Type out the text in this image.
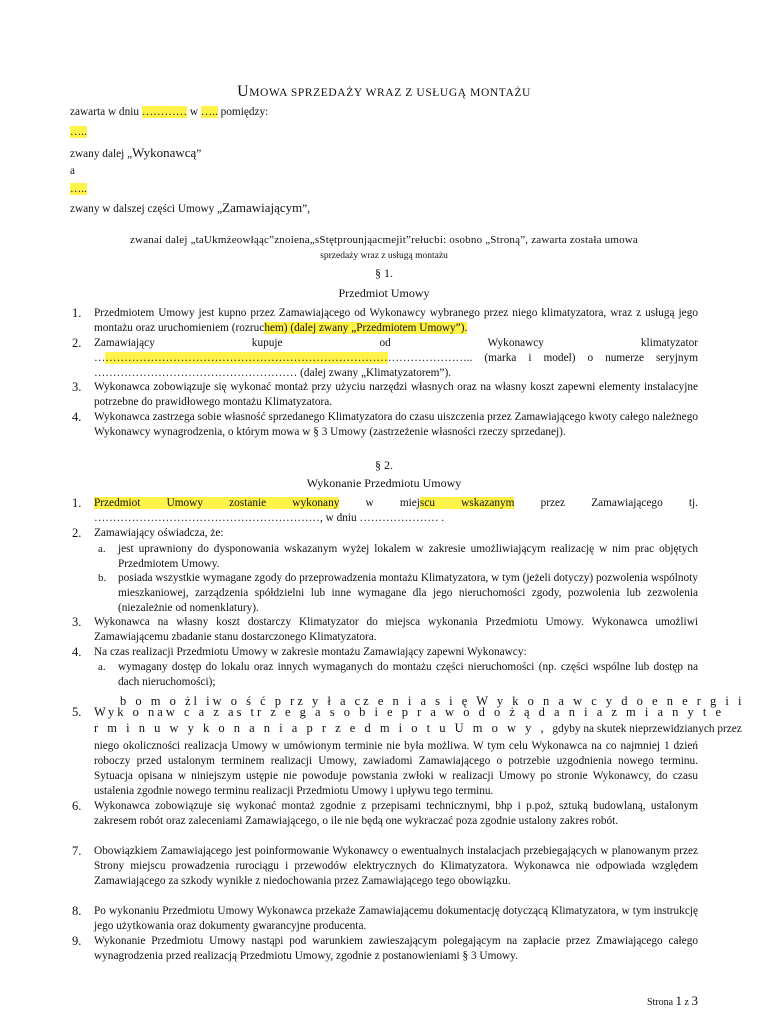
UMOWA SPRZEDAŻY WRAZ Z USŁUGĄ MONTAŻU
zawarta w dniu ………… w ….. pomiędzy:
…..
zwany dalej „Wykonawcą”
a
…..
zwany w dalszej części Umowy „Zamawiającym”,
zwanai dalej „taUkmżeowłąąc”znoiena„sStętprounjąacmejit”rełucbi: osobno „Stroną”, zawarta została umowa
sprzedaży wraz z usługą montażu
§ 1.
Przedmiot Umowy
1. Przedmiotem Umowy jest kupno przez Zamawiającego od Wykonawcy wybranego przez niego klimatyzatora, wraz z usługą jego montażu oraz uruchomieniem (rozruchem) (dalej zwany „Przedmiotem Umowy”).
2. Zamawiający kupuje od Wykonawcy klimatyzator ……………………………………………………………………………………….. (marka i model) o numerze seryjnym ……………………………………………… (dalej zwany „Klimatyzatorem”).
3. Wykonawca zobowiązuje się wykonać montaż przy użyciu narzędzi własnych oraz na własny koszt zapewni elementy instalacyjne potrzebne do prawidłowego montażu Klimatyzatora.
4. Wykonawca zastrzega sobie własność sprzedanego Klimatyzatora do czasu uiszczenia przez Zamawiającego kwoty całego należnego Wykonawcy wynagrodzenia, o którym mowa w § 3 Umowy (zastrzeżenie własności rzeczy sprzedanej).
§ 2.
Wykonanie Przedmiotu Umowy
1. Przedmiot Umowy zostanie wykonany w miejscu wskazanym przez Zamawiającego tj. ……………………………………………………, w dniu ………………… .
2. Zamawiający oświadcza, że:
a. jest uprawniony do dysponowania wskazanym wyżej lokalem w zakresie umożliwiającym realizację w nim prac objętych Przedmiotem Umowy.
b. posiada wszystkie wymagane zgody do przeprowadzenia montażu Klimatyzatora, w tym (jeżeli dotyczy) pozwolenia wspólnoty mieszkaniowej, zarządzenia spółdzielni lub inne wymagane dla jego nieruchomości zgody, pozwolenia lub zezwolenia (niezależnie od nomenklatury).
3. Wykonawca na własny koszt dostarczy Klimatyzator do miejsca wykonania Przedmiotu Umowy. Wykonawca umożliwi Zamawiającemu zbadanie stanu dostarczonego Klimatyzatora.
4. Na czas realizacji Przedmiotu Umowy w zakresie montażu Zamawiający zapewni Wykonawcy:
a. wymagany dostęp do lokalu oraz innych wymaganych do montażu części nieruchomości (np. części wspólne lub dostęp na dach nieruchomości);
b o m o żl iw o ś ć p rz y ł a cz e n i a s i ę W y k o n a w c y d o e n e r g i i
5. Wyk o naw c a z as tr z e g a s o b i e p r a w o d o ż ą d a n i a z m i a n y t e
r m i n u w y k o n a n i a p r z e d m i o t u U m o w y , gdyby na skutek nieprzewidzianych przez
niego okoliczności realizacja Umowy w umówionym terminie nie była możliwa. W tym celu Wykonawca na co najmniej 1 dzień roboczy przed ustalonym terminem realizacji Umowy, zawiadomi Zamawiającego o potrzebie uzgodnienia nowego terminu. Sytuacja opisana w niniejszym ustępie nie powoduje powstania zwłoki w realizacji Umowy po stronie Wykonawcy, do czasu ustalenia zgodnie nowego terminu realizacji Przedmiotu Umowy i upływu tego terminu.
6. Wykonawca zobowiązuje się wykonać montaż zgodnie z przepisami technicznymi, bhp i p.poż, sztuką budowlaną, ustalonym zakresem robót oraz zaleceniami Zamawiającego, o ile nie będą one wykraczać poza zgodnie ustalony zakres robót.
7. Obowiązkiem Zamawiającego jest poinformowanie Wykonawcy o ewentualnych instalacjach przebiegających w planowanym przez Strony miejscu prowadzenia rurociągu i przewodów elektrycznych do Klimatyzatora. Wykonawca nie odpowiada względem Zamawiającego za szkody wynikłe z niedochowania przez Zamawiającego tego obowiązku.
8. Po wykonaniu Przedmiotu Umowy Wykonawca przekaże Zamawiającemu dokumentację dotyczącą Klimatyzatora, w tym instrukcję jego użytkowania oraz dokumenty gwarancyjne producenta.
9. Wykonanie Przedmiotu Umowy nastąpi pod warunkiem zawieszającym polegającym na zapłacie przez Zmawiającego całego wynagrodzenia przed realizacją Przedmiotu Umowy, zgodnie z postanowieniami § 3 Umowy.
Strona 1 z 3
